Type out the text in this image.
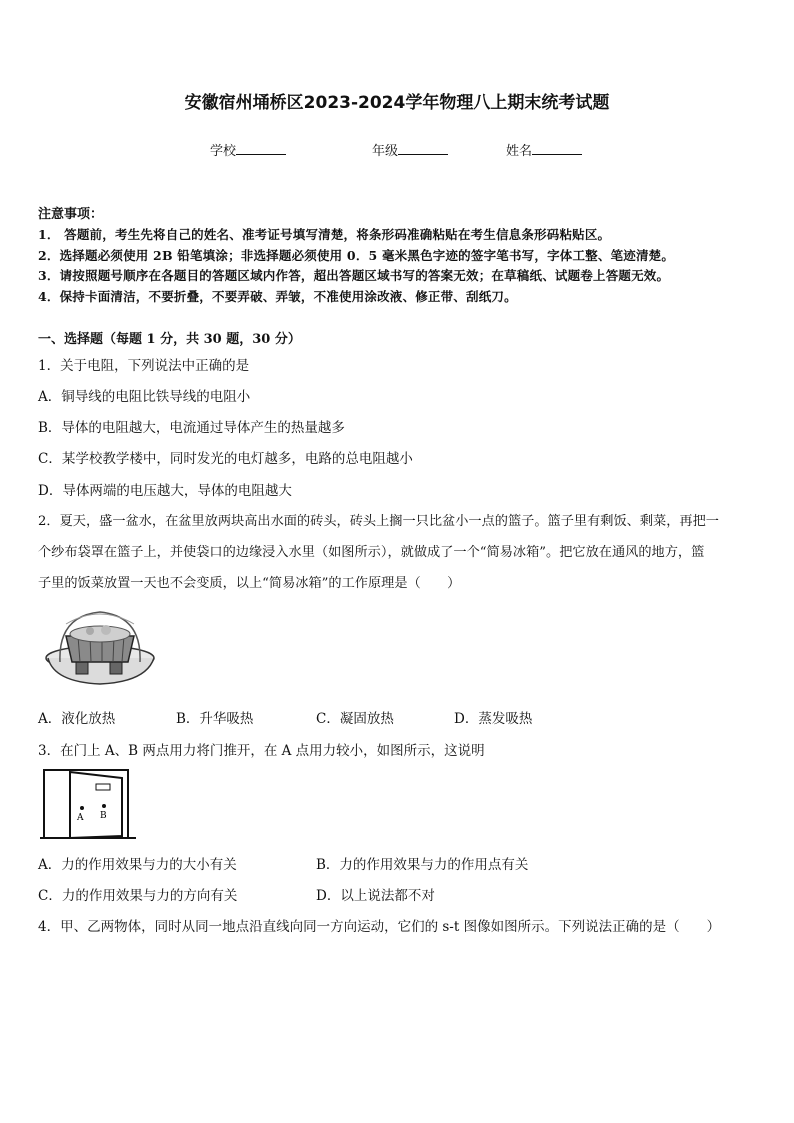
安徽宿州埇桥区2023-2024学年物理八上期末统考试题
学校	年级	姓名
注意事项：
1． 答题前，考生先将自己的姓名、准考证号填写清楚，将条形码准确粘贴在考生信息条形码粘贴区。
2．选择题必须使用 2B 铅笔填涂；非选择题必须使用 0．5 毫米黑色字迹的签字笔书写，字体工整、笔迹清楚。
3．请按照题号顺序在各题目的答题区域内作答，超出答题区域书写的答案无效；在草稿纸、试题卷上答题无效。
4．保持卡面清洁，不要折叠，不要弄破、弄皱，不准使用涂改液、修正带、刮纸刀。
一、选择题（每题 1 分，共 30 题，30 分）
1．关于电阻，下列说法中正确的是
A．铜导线的电阻比铁导线的电阻小
B．导体的电阻越大，电流通过导体产生的热量越多
C．某学校教学楼中，同时发光的电灯越多，电路的总电阻越小
D．导体两端的电压越大，导体的电阻越大
2．夏天，盛一盆水，在盆里放两块高出水面的砖头，砖头上搁一只比盆小一点的篮子。篮子里有剩饭、剩菜，再把一
个纱布袋罩在篮子上，并使袋口的边缘浸入水里（如图所示），就做成了一个“简易冰箱”。把它放在通风的地方，篮
子里的饭菜放置一天也不会变质，以上“简易冰箱”的工作原理是（　　）
A．液化放热	B．升华吸热	C．凝固放热	D．蒸发吸热
3．在门上 A、B 两点用力将门推开，在 A 点用力较小，如图所示，这说明
A B
A．力的作用效果与力的大小有关	B．力的作用效果与力的作用点有关
C．力的作用效果与力的方向有关	D．以上说法都不对
4．甲、乙两物体，同时从同一地点沿直线向同一方向运动，它们的 s-t 图像如图所示。下列说法正确的是（　　）
